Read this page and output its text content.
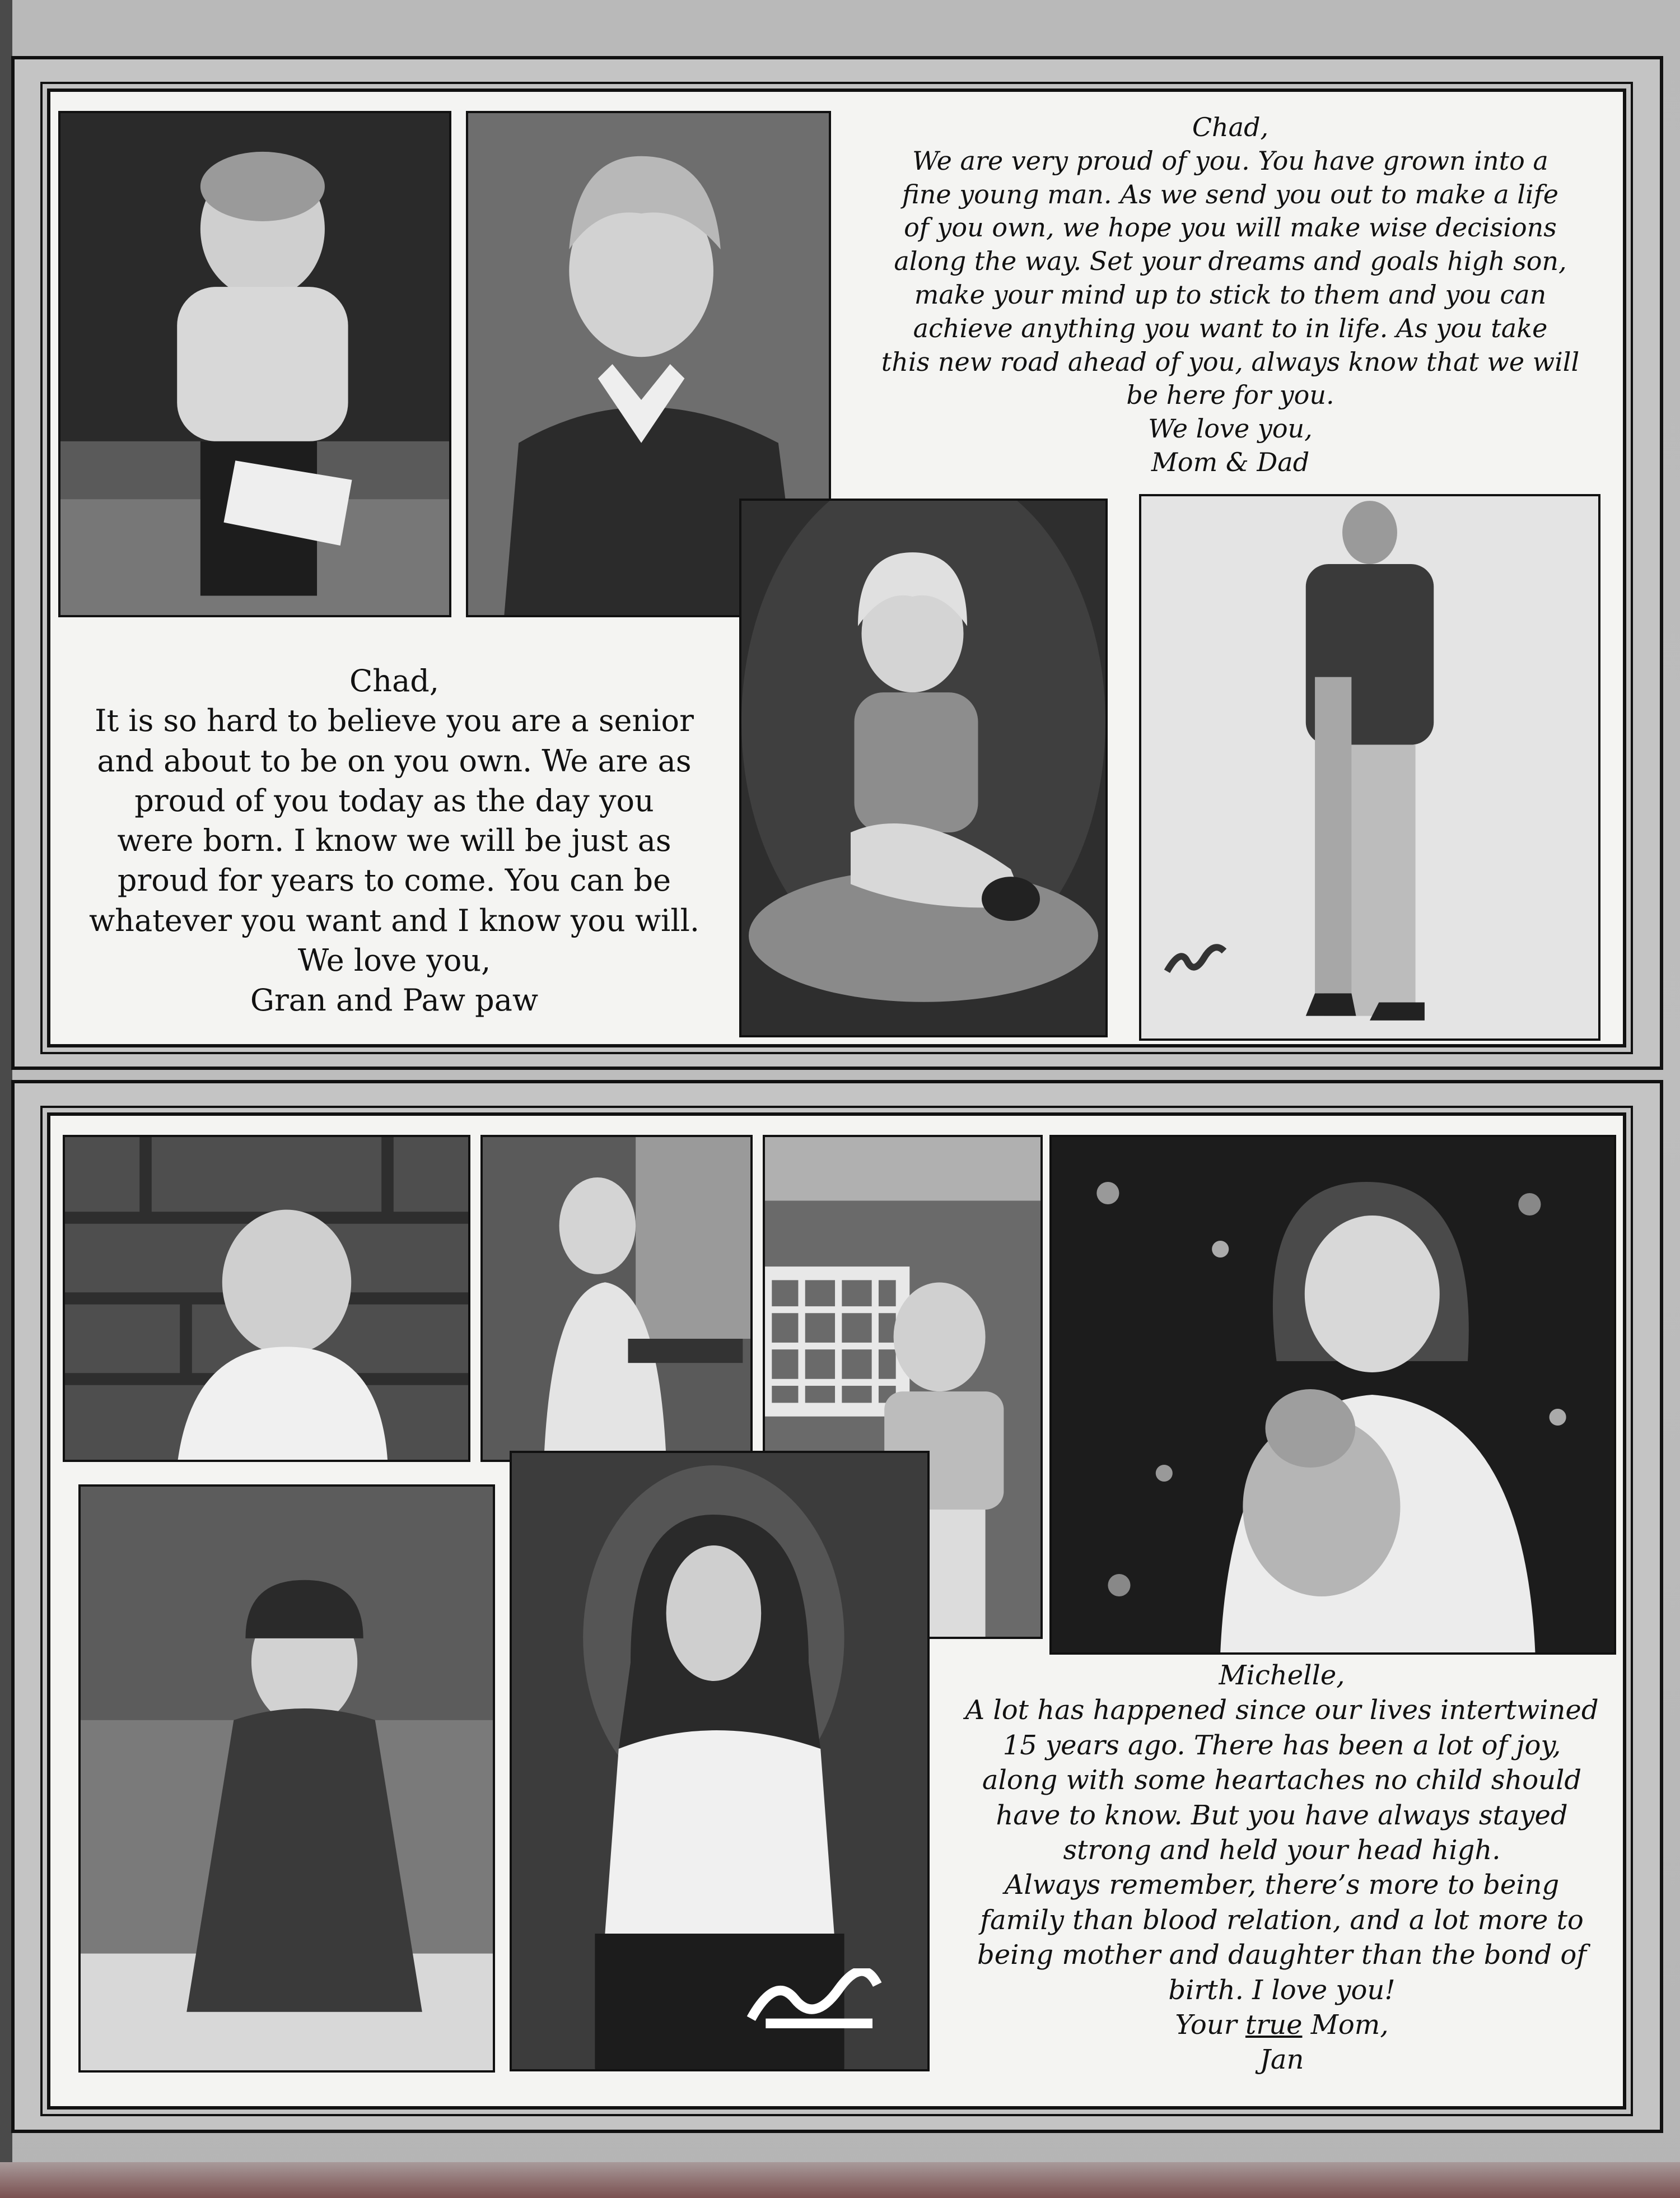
Chad,
We are very proud of you. You have grown into a
fine young man. As we send you out to make a life
of you own, we hope you will make wise decisions
along the way. Set your dreams and goals high son,
make your mind up to stick to them and you can
achieve anything you want to in life. As you take
this new road ahead of you, always know that we will
be here for you.
We love you,
Mom & Dad
Chad,
It is so hard to believe you are a senior
and about to be on you own. We are as
proud of you today as the day you
were born. I know we will be just as
proud for years to come. You can be
whatever you want and I know you will.
We love you,
Gran and Paw paw
Michelle,
A lot has happened since our lives intertwined
15 years ago. There has been a lot of joy,
along with some heartaches no child should
have to know. But you have always stayed
strong and held your head high.
Always remember, there’s more to being
family than blood relation, and a lot more to
being mother and daughter than the bond of
birth. I love you!
Your true Mom,
Jan
